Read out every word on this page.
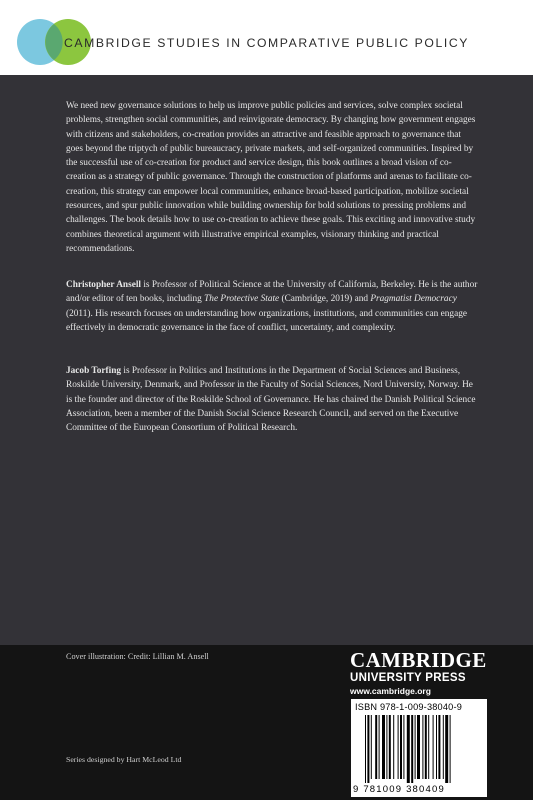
CAMBRIDGE STUDIES IN COMPARATIVE PUBLIC POLICY

We need new governance solutions to help us improve public policies and services, solve complex societal problems, strengthen social communities, and reinvigorate democracy. By changing how government engages with citizens and stakeholders, co-creation provides an attractive and feasible approach to governance that goes beyond the triptych of public bureaucracy, private markets, and self-organized communities. Inspired by the successful use of co-creation for product and service design, this book outlines a broad vision of co-creation as a strategy of public governance. Through the construction of platforms and arenas to facilitate co-creation, this strategy can empower local communities, enhance broad-based participation, mobilize societal resources, and spur public innovation while building ownership for bold solutions to pressing problems and challenges. The book details how to use co-creation to achieve these goals. This exciting and innovative study combines theoretical argument with illustrative empirical examples, visionary thinking and practical recommendations.

Christopher Ansell is Professor of Political Science at the University of California, Berkeley. He is the author and/or editor of ten books, including The Protective State (Cambridge, 2019) and Pragmatist Democracy (2011). His research focuses on understanding how organizations, institutions, and communities can engage effectively in democratic governance in the face of conflict, uncertainty, and complexity.

Jacob Torfing is Professor in Politics and Institutions in the Department of Social Sciences and Business, Roskilde University, Denmark, and Professor in the Faculty of Social Sciences, Nord University, Norway. He is the founder and director of the Roskilde School of Governance. He has chaired the Danish Political Science Association, been a member of the Danish Social Science Research Council, and served on the Executive Committee of the European Consortium of Political Research.

Cover illustration: Credit: Lillian M. Ansell
Series designed by Hart McLeod Ltd
CAMBRIDGE
UNIVERSITY PRESS
www.cambridge.org
ISBN 978-1-009-38040-9
9 781009 380409
